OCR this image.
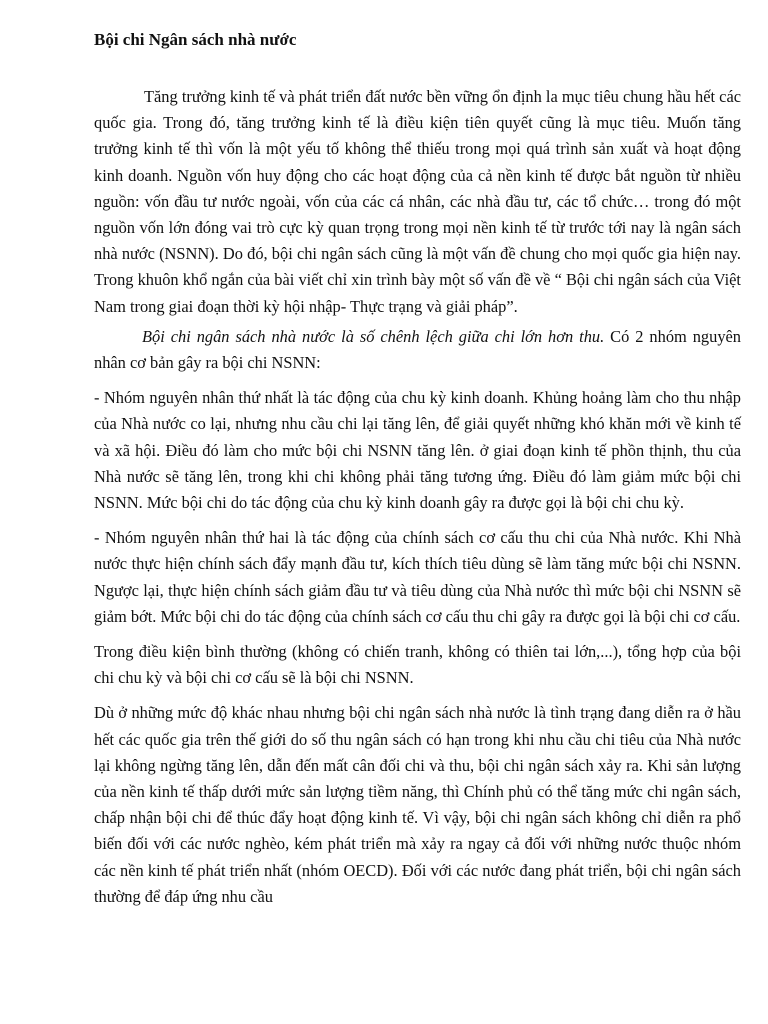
Bội chi Ngân sách nhà nước

Tăng trưởng kinh tế và phát triển đất nước bền vững ổn định la mục tiêu chung hầu hết các quốc gia. Trong đó, tăng trưởng kinh tế là điều kiện tiên quyết cũng là mục tiêu. Muốn tăng trưởng kinh tế thì vốn là một yếu tố không thể thiếu trong mọi quá trình sản xuất và hoạt động kinh doanh. Nguồn vốn huy động cho các hoạt động của cả nền kinh tế được bắt nguồn từ nhiều nguồn: vốn đầu tư nước ngoài, vốn của các cá nhân, các nhà đầu tư, các tổ chức… trong đó một nguồn vốn lớn đóng vai trò cực kỳ quan trọng trong mọi nền kinh tế từ trước tới nay là ngân sách nhà nước (NSNN). Do đó, bội chi ngân sách cũng là một vấn đề chung cho mọi quốc gia hiện nay. Trong khuôn khổ ngắn của bài viết chỉ xin trình bày một số vấn đề về “ Bội chi ngân sách của Việt Nam trong giai đoạn thời kỳ hội nhập- Thực trạng và giải pháp”.

Bội chi ngân sách nhà nước là số chênh lệch giữa chi lớn hơn thu. Có 2 nhóm nguyên nhân cơ bản gây ra bội chi NSNN:

- Nhóm nguyên nhân thứ nhất là tác động của chu kỳ kinh doanh. Khủng hoảng làm cho thu nhập của Nhà nước co lại, nhưng nhu cầu chi lại tăng lên, để giải quyết những khó khăn mới về kinh tế và xã hội. Điều đó làm cho mức bội chi NSNN tăng lên. ở giai đoạn kinh tế phồn thịnh, thu của Nhà nước sẽ tăng lên, trong khi chi không phải tăng tương ứng. Điều đó làm giảm mức bội chi NSNN. Mức bội chi do tác động của chu kỳ kinh doanh gây ra được gọi là bội chi chu kỳ.

- Nhóm nguyên nhân thứ hai là tác động của chính sách cơ cấu thu chi của Nhà nước. Khi Nhà nước thực hiện chính sách đẩy mạnh đầu tư, kích thích tiêu dùng sẽ làm tăng mức bội chi NSNN. Ngược lại, thực hiện chính sách giảm đầu tư và tiêu dùng của Nhà nước thì mức bội chi NSNN sẽ giảm bớt. Mức bội chi do tác động của chính sách cơ cấu thu chi gây ra được gọi là bội chi cơ cấu.

Trong điều kiện bình thường (không có chiến tranh, không có thiên tai lớn,...), tổng hợp của bội chi chu kỳ và bội chi cơ cấu sẽ là bội chi NSNN.

Dù ở những mức độ khác nhau nhưng bội chi ngân sách nhà nước là tình trạng đang diễn ra ở hầu hết các quốc gia trên thế giới do số thu ngân sách có hạn trong khi nhu cầu chi tiêu của Nhà nước lại không ngừng tăng lên, dẫn đến mất cân đối chi và thu, bội chi ngân sách xảy ra. Khi sản lượng của nền kinh tế thấp dưới mức sản lượng tiềm năng, thì Chính phủ có thể tăng mức chi ngân sách, chấp nhận bội chi để thúc đẩy hoạt động kinh tế. Vì vậy, bội chi ngân sách không chỉ diễn ra phổ biến đối với các nước nghèo, kém phát triển mà xảy ra ngay cả đối với những nước thuộc nhóm các nền kinh tế phát triển nhất (nhóm OECD). Đối với các nước đang phát triển, bội chi ngân sách thường để đáp ứng nhu cầu
